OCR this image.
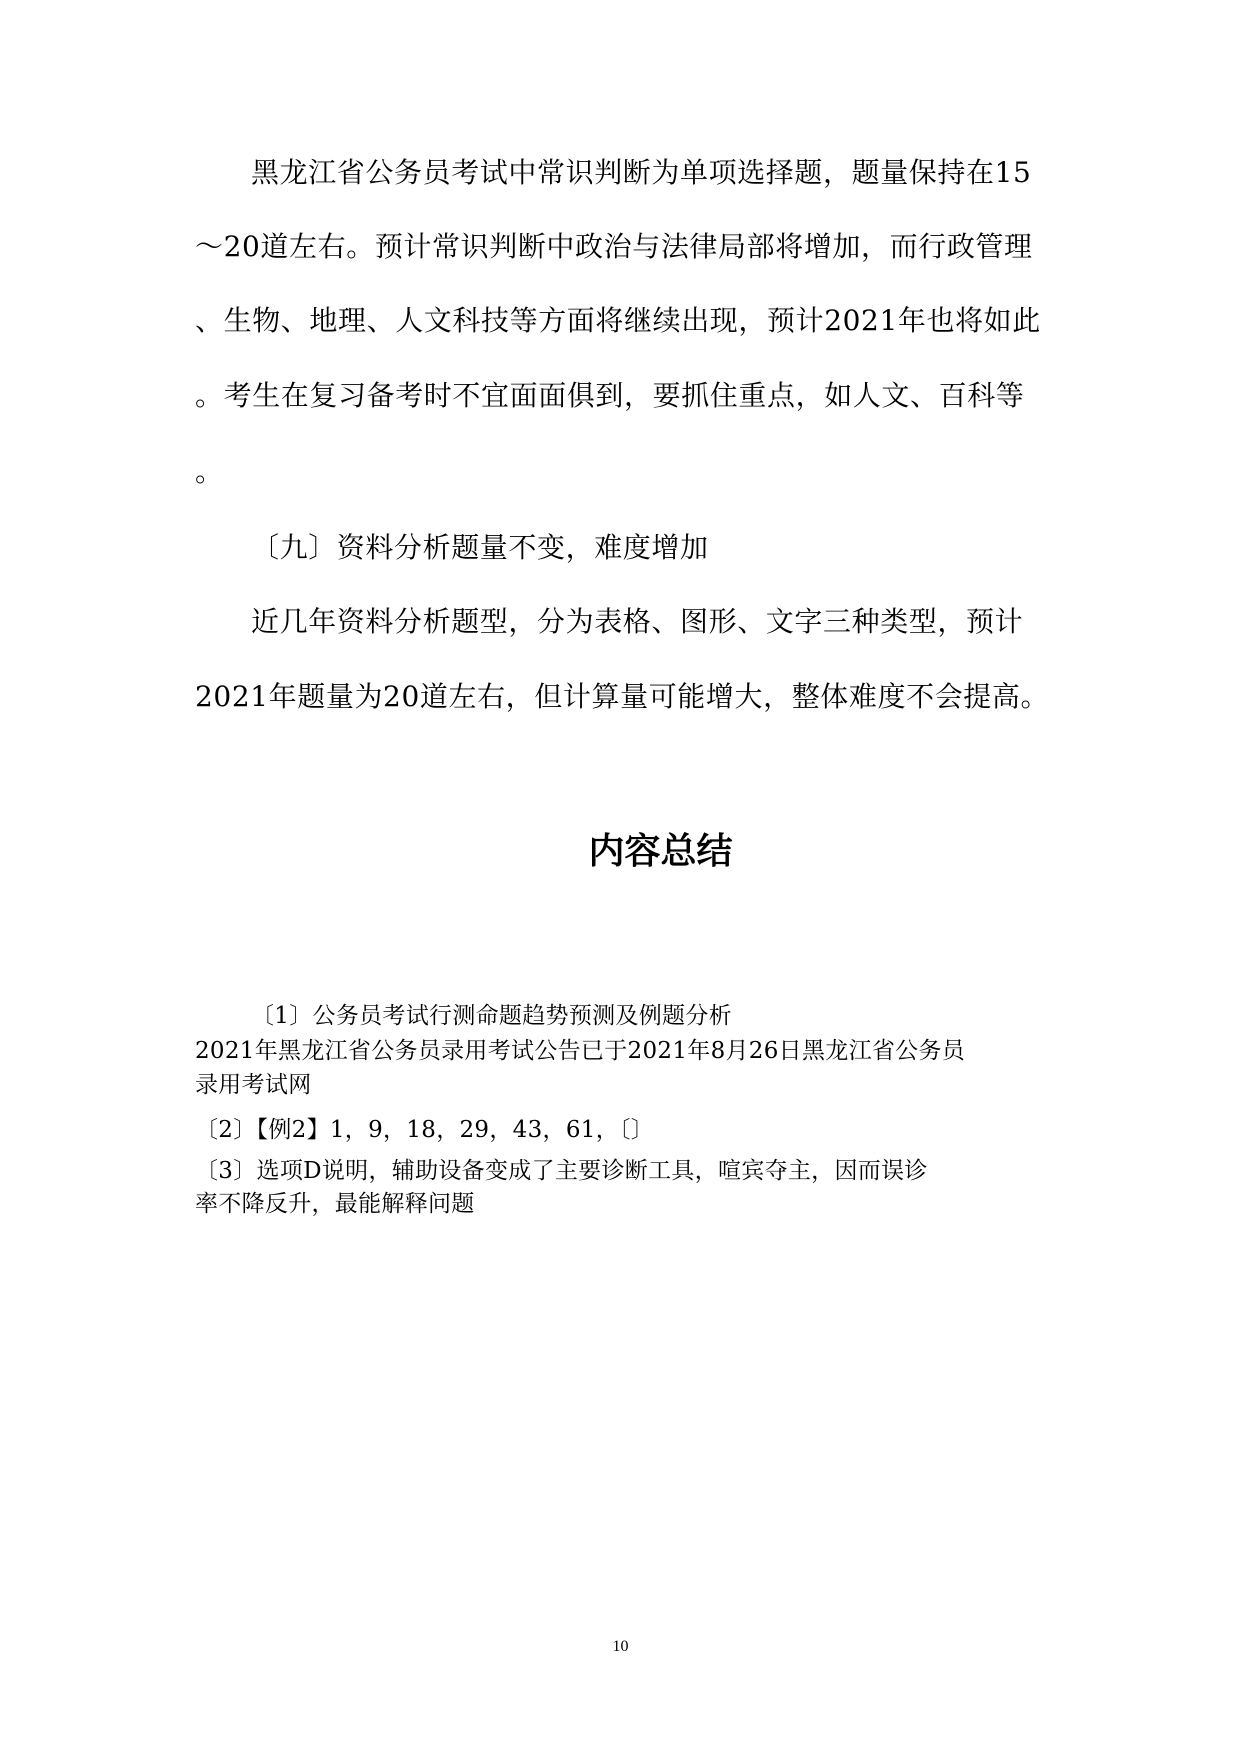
黑龙江省公务员考试中常识判断为单项选择题，题量保持在15
～20道左右。预计常识判断中政治与法律局部将增加，而行政管理
、生物、地理、人文科技等方面将继续出现，预计2021年也将如此
。考生在复习备考时不宜面面俱到，要抓住重点，如人文、百科等
。
〔九〕资料分析题量不变，难度增加
近几年资料分析题型，分为表格、图形、文字三种类型，预计
2021年题量为20道左右，但计算量可能增大，整体难度不会提高。
内容总结
〔1〕公务员考试行测命题趋势预测及例题分析
2021年黑龙江省公务员录用考试公告已于2021年8月26日黑龙江省公务员
录用考试网
〔2〕【例2】1，9，18，29，43，61，〔〕
〔3〕选项D说明，辅助设备变成了主要诊断工具，喧宾夺主，因而误诊
率不降反升，最能解释问题
10
